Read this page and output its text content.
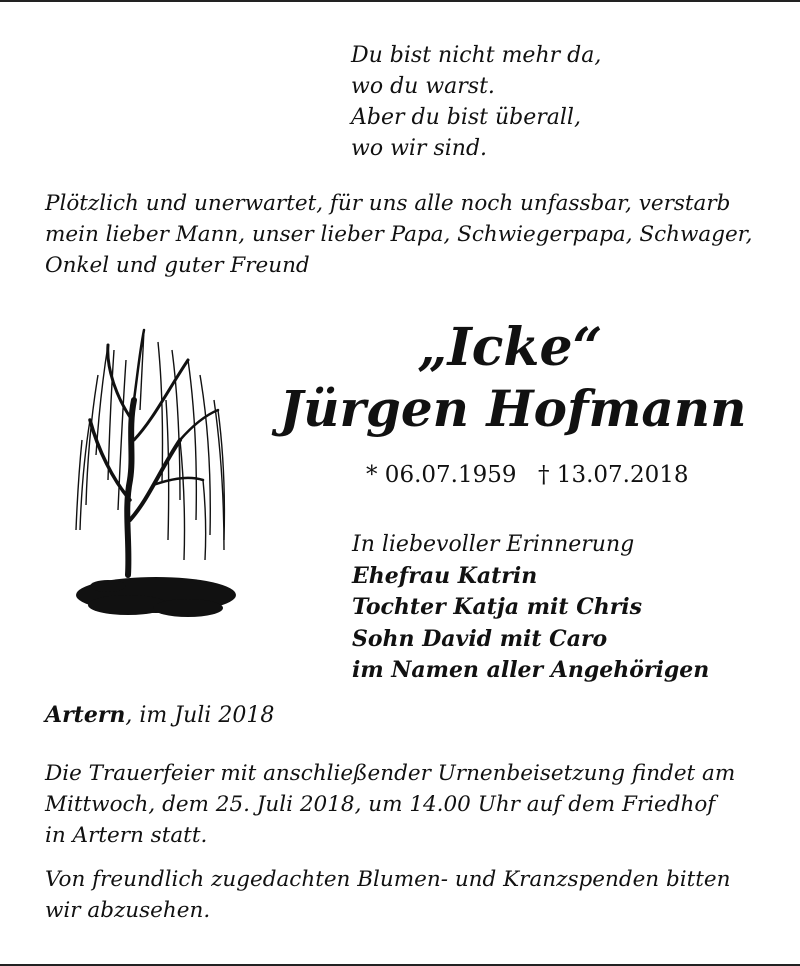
Du bist nicht mehr da,
wo du warst.
Aber du bist überall,
wo wir sind.
Plötzlich und unerwartet, für uns alle noch unfassbar, verstarb
mein lieber Mann, unser lieber Papa, Schwiegerpapa, Schwager,
Onkel und guter Freund
„Icke“
Jürgen Hofmann
* 06.07.1959 † 13.07.2018
In liebevoller Erinnerung
Ehefrau Katrin
Tochter Katja mit Chris
Sohn David mit Caro
im Namen aller Angehörigen
Artern, im Juli 2018
Die Trauerfeier mit anschließender Urnenbeisetzung findet am
Mittwoch, dem 25. Juli 2018, um 14.00 Uhr auf dem Friedhof
in Artern statt.
Von freundlich zugedachten Blumen- und Kranzspenden bitten
wir abzusehen.
